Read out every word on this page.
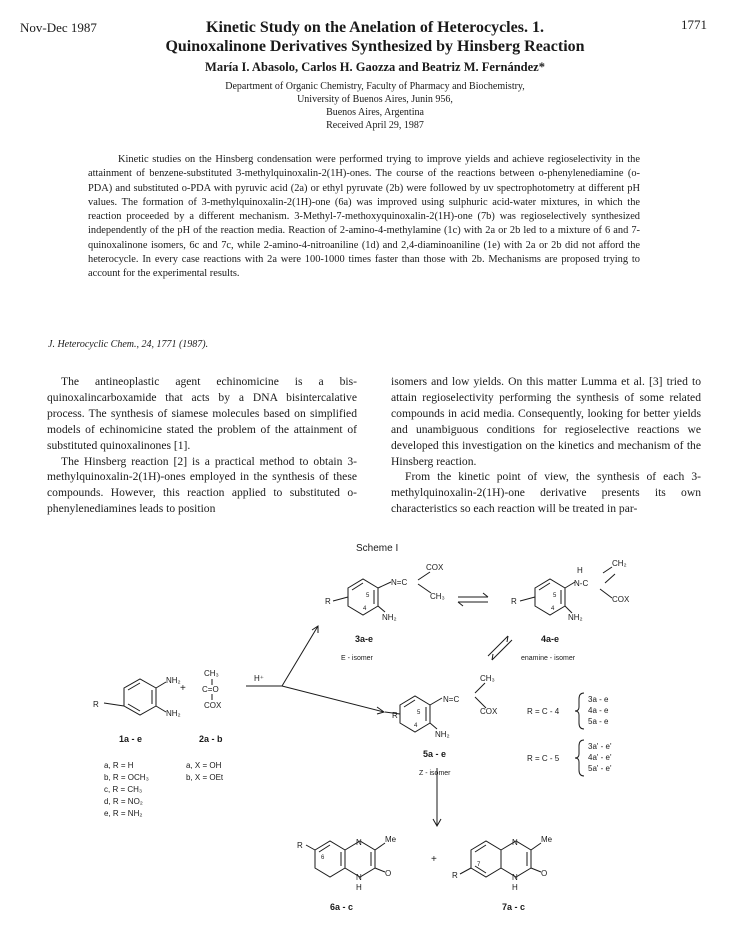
Nov-Dec 1987	1771
Kinetic Study on the Anelation of Heterocycles. 1.
Quinoxalinone Derivatives Synthesized by Hinsberg Reaction
María I. Abasolo, Carlos H. Gaozza and Beatriz M. Fernández*
Department of Organic Chemistry, Faculty of Pharmacy and Biochemistry,
University of Buenos Aires, Junin 956,
Buenos Aires, Argentina
Received April 29, 1987
Kinetic studies on the Hinsberg condensation were performed trying to improve yields and achieve regioselectivity in the attainment of benzene-substituted 3-methylquinoxalin-2(1H)-ones. The course of the reactions between o-phenylenediamine (o-PDA) and substituted o-PDA with pyruvic acid (2a) or ethyl pyruvate (2b) were followed by uv spectrophotometry at different pH values. The formation of 3-methylquinoxalin-2(1H)-one (6a) was improved using sulphuric acid-water mixtures, in which the reaction proceeded by a different mechanism. 3-Methyl-7-methoxyquinoxalin-2(1H)-one (7b) was regioselectively synthesized independently of the pH of the reaction media. Reaction of 2-amino-4-methylamine (1c) with 2a or 2b led to a mixture of 6 and 7-quinoxalinone isomers, 6c and 7c, while 2-amino-4-nitroaniline (1d) and 2,4-diaminoaniline (1e) with 2a or 2b did not afford the heterocycle. In every case reactions with 2a were 100-1000 times faster than those with 2b. Mechanisms are proposed trying to account for the experimental results.
J. Heterocyclic Chem., 24, 1771 (1987).

The antineoplastic agent echinomicine is a bis-quinoxalincarboxamide that acts by a DNA bisintercalative process. The synthesis of siamese molecules based on simplified models of echinomicine stated the problem of the attainment of substituted quinoxalinones [1].

The Hinsberg reaction [2] is a practical method to obtain 3-methylquinoxalin-2(1H)-ones employed in the synthesis of these compounds. However, this reaction applied to substituted o-phenylenediamines leads to position

isomers and low yields. On this matter Lumma et al. [3] tried to attain regioselectivity performing the synthesis of some related compounds in acid media. Consequently, looking for better yields and unambiguous conditions for regioselective reactions we developed this investigation on the kinetics and mechanism of the Hinsberg reaction.

From the kinetic point of view, the synthesis of each 3-methylquinoxalin-2(1H)-one derivative presents its own characteristics so each reaction will be treated in par-

Scheme I
R
NH₂
NH₂
1a - e
a, R = H
b, R = OCH₃
c, R = CH₃
d, R = NO₂
e, R = NH₂
+
CH₃
C=O
COX
2a - b
a, X = OH
b, X = OEt
H⁺
R
N=C
COX
CH₃
NH₂
5
4
3a-e
E - isomer
R
H
N-C
CH₂
COX
NH₂
5
4
4a-e
enamine - isomer
R
N=C
CH₃
COX
NH₂
5
4
5a - e
Z - isomer
R = C - 4
3a - e
4a - e
5a - e
R = C - 5
3a' - e'
4a' - e'
5a' - e'
R
6
N
N
H
Me
O
6a - c
+
R
7
N
N
H
Me
O
7a - c
